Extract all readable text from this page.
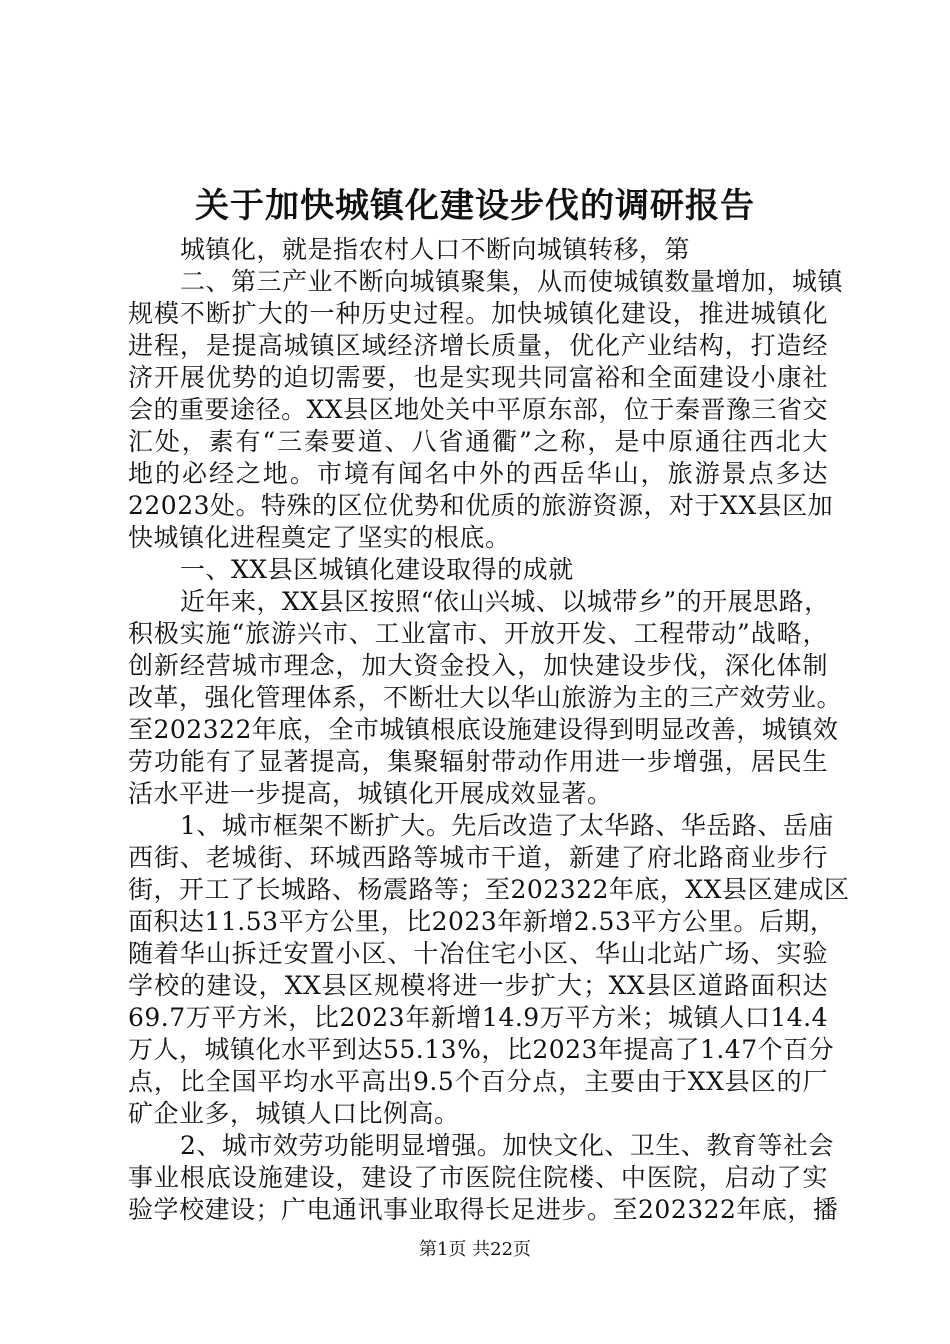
关于加快城镇化建设步伐的调研报告
城镇化，就是指农村人口不断向城镇转移，第
二、第三产业不断向城镇聚集，从而使城镇数量增加，城镇
规模不断扩大的一种历史过程。加快城镇化建设，推进城镇化
进程，是提高城镇区域经济增长质量，优化产业结构，打造经
济开展优势的迫切需要，也是实现共同富裕和全面建设小康社
会的重要途径。XX县区地处关中平原东部，位于秦晋豫三省交
汇处，素有“三秦要道、八省通衢”之称，是中原通往西北大
地的必经之地。市境有闻名中外的西岳华山，旅游景点多达
22023处。特殊的区位优势和优质的旅游资源，对于XX县区加
快城镇化进程奠定了坚实的根底。
一、XX县区城镇化建设取得的成就
近年来，XX县区按照“依山兴城、以城带乡”的开展思路，
积极实施“旅游兴市、工业富市、开放开发、工程带动”战略，
创新经营城市理念，加大资金投入，加快建设步伐，深化体制
改革，强化管理体系，不断壮大以华山旅游为主的三产效劳业。
至202322年底，全市城镇根底设施建设得到明显改善，城镇效
劳功能有了显著提高，集聚辐射带动作用进一步增强，居民生
活水平进一步提高，城镇化开展成效显著。
1、城市框架不断扩大。先后改造了太华路、华岳路、岳庙
西街、老城街、环城西路等城市干道，新建了府北路商业步行
街，开工了长城路、杨震路等；至202322年底，XX县区建成区
面积达11.53平方公里，比2023年新增2.53平方公里。后期，
随着华山拆迁安置小区、十冶住宅小区、华山北站广场、实验
学校的建设，XX县区规模将进一步扩大；XX县区道路面积达
69.7万平方米，比2023年新增14.9万平方米；城镇人口14.4
万人，城镇化水平到达55.13%，比2023年提高了1.47个百分
点，比全国平均水平高出9.5个百分点，主要由于XX县区的厂
矿企业多，城镇人口比例高。
2、城市效劳功能明显增强。加快文化、卫生、教育等社会
事业根底设施建设，建设了市医院住院楼、中医院，启动了实
验学校建设；广电通讯事业取得长足进步。至202322年底，播
第1页 共22页
